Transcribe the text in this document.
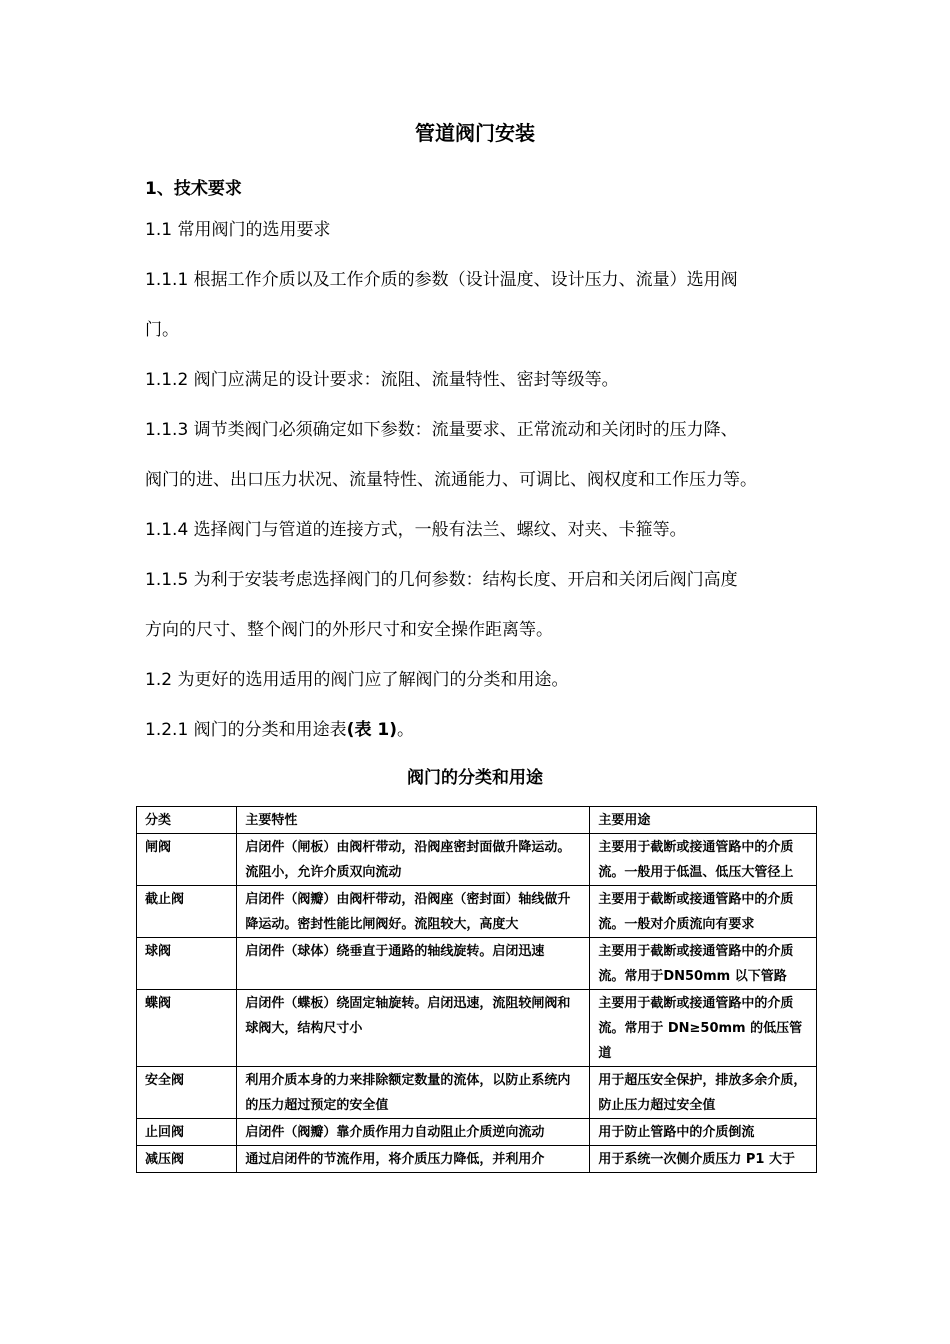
管道阀门安装
1、技术要求

1.1 常用阀门的选用要求

1.1.1 根据工作介质以及工作介质的参数（设计温度、设计压力、流量）选用阀

门。

1.1.2 阀门应满足的设计要求：流阻、流量特性、密封等级等。

1.1.3 调节类阀门必须确定如下参数：流量要求、正常流动和关闭时的压力降、

阀门的进、出口压力状况、流量特性、流通能力、可调比、阀权度和工作压力等。

1.1.4 选择阀门与管道的连接方式，一般有法兰、螺纹、对夹、卡箍等。

1.1.5 为利于安装考虑选择阀门的几何参数：结构长度、开启和关闭后阀门高度

方向的尺寸、整个阀门的外形尺寸和安全操作距离等。

1.2 为更好的选用适用的阀门应了解阀门的分类和用途。

1.2.1 阀门的分类和用途表(表 1)。

阀门的分类和用途
分类	主要特性	主要用途
闸阀	启闭件（闸板）由阀杆带动，沿阀座密封面做升降运动。流阻小，允许介质双向流动	主要用于截断或接通管路中的介质流。一般用于低温、低压大管径上
截止阀	启闭件（阀瓣）由阀杆带动，沿阀座（密封面）轴线做升降运动。密封性能比闸阀好。流阻较大，高度大	主要用于截断或接通管路中的介质流。一般对介质流向有要求

球阀	启闭件（球体）绕垂直于通路的轴线旋转。启闭迅速	主要用于截断或接通管路中的介质流。常用于DN50mm 以下管路
蝶阀	启闭件（蝶板）绕固定轴旋转。启闭迅速，流阻较闸阀和球阀大，结构尺寸小	主要用于截断或接通管路中的介质流。常用于 DN≥50mm 的低压管道
安全阀	利用介质本身的力来排除额定数量的流体，以防止系统内的压力超过预定的安全值	用于超压安全保护，排放多余介质，防止压力超过安全值
止回阀	启闭件（阀瓣）靠介质作用力自动阻止介质逆向流动	用于防止管路中的介质倒流
减压阀	通过启闭件的节流作用，将介质压力降低，并利用介	用于系统一次侧介质压力 P1 大于
